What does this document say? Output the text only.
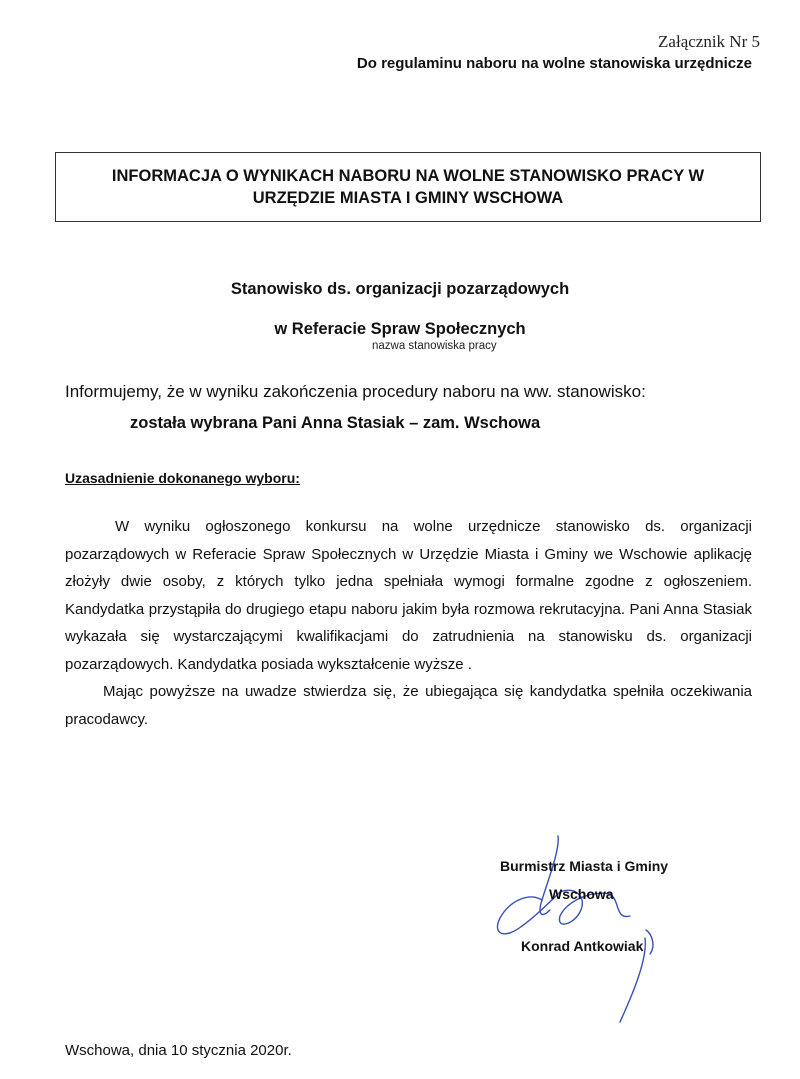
Załącznik Nr 5
Do regulaminu naboru na wolne stanowiska urzędnicze
INFORMACJA O WYNIKACH NABORU NA WOLNE STANOWISKO PRACY W
URZĘDZIE MIASTA I GMINY WSCHOWA
Stanowisko ds. organizacji pozarządowych
w Referacie Spraw Społecznych
nazwa stanowiska pracy
Informujemy, że w wyniku zakończenia procedury naboru na ww. stanowisko:
została wybrana Pani Anna Stasiak – zam. Wschowa
Uzasadnienie dokonanego wyboru:

W wyniku ogłoszonego konkursu na wolne urzędnicze stanowisko ds. organizacji pozarządowych w Referacie Spraw Społecznych w Urzędzie Miasta i Gminy we Wschowie aplikację złożyły dwie osoby, z których tylko jedna spełniała wymogi formalne zgodne z ogłoszeniem. Kandydatka przystąpiła do drugiego etapu naboru jakim była rozmowa rekrutacyjna. Pani Anna Stasiak wykazała się wystarczającymi kwalifikacjami do zatrudnienia na stanowisku ds. organizacji pozarządowych. Kandydatka posiada wykształcenie wyższe .

Mając powyższe na uwadze stwierdza się, że ubiegająca się kandydatka spełniła oczekiwania pracodawcy.

Burmistrz Miasta i Gminy
Wschowa
Konrad Antkowiak
Wschowa, dnia 10 stycznia 2020r.
